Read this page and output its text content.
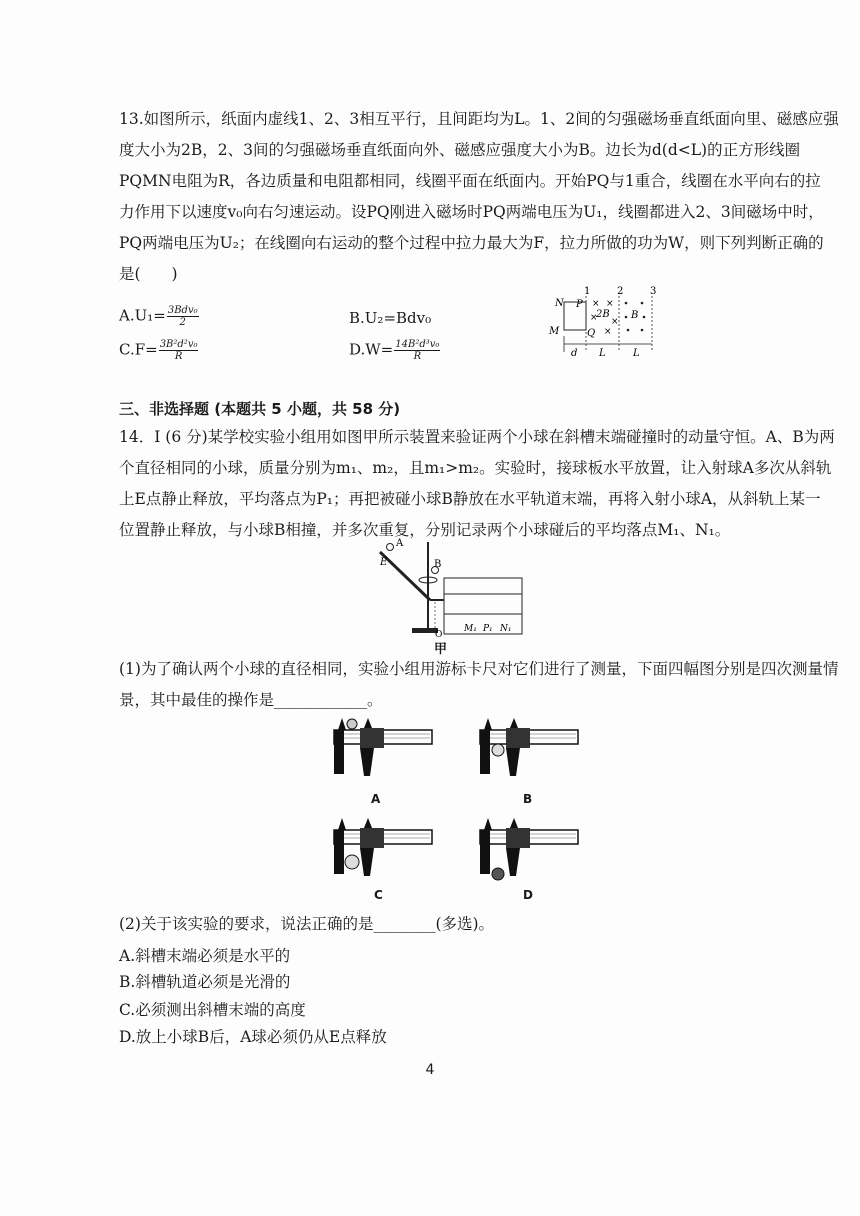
13.如图所示，纸面内虚线1、2、3相互平行，且间距均为L。1、2间的匀强磁场垂直纸面向里、磁感应强
度大小为2B，2、3间的匀强磁场垂直纸面向外、磁感应强度大小为B。边长为d(d<L)的正方形线圈
PQMN电阻为R，各边质量和电阻都相同，线圈平面在纸面内。开始PQ与1重合，线圈在水平向右的拉
力作用下以速度v₀向右匀速运动。设PQ刚进入磁场时PQ两端电压为U₁，线圈都进入2、3间磁场中时，
PQ两端电压为U₂；在线圈向右运动的整个过程中拉力最大为F，拉力所做的功为W，则下列判断正确的
是(　　)
$A.U_1= \frac{\text{3Bdv₀}}{2}$	B.U₂=Bdv₀
$C.F= \frac{\text{3B²d²v₀}}{R}$	$D.W= \frac{\text{14B²d³v₀}}{R}$
1	2	3
N P
M	Q
× ×
× ×
×
2B B
d L	L
三、非选择题 (本题共 5 小题，共 58 分)
14．Ⅰ (6 分)某学校实验小组用如图甲所示装置来验证两个小球在斜槽末端碰撞时的动量守恒。A、B为两
个直径相同的小球，质量分别为m₁、m₂，且m₁>m₂。实验时，接球板水平放置，让入射球A多次从斜轨
上E点静止释放，平均落点为P₁；再把被碰小球B静放在水平轨道末端，再将入射小球A，从斜轨上某一
位置静止释放，与小球B相撞，并多次重复，分别记录两个小球碰后的平均落点M₁、N₁。
A
E	B
O
M₁ P₁ N₁
甲
(1)为了确认两个小球的直径相同，实验小组用游标卡尺对它们进行了测量，下面四幅图分别是四次测量情
景，其中最佳的操作是____________。
A	B
C	D
(2)关于该实验的要求，说法正确的是________(多选)。
A.斜槽末端必须是水平的
B.斜槽轨道必须是光滑的
C.必须测出斜槽末端的高度
D.放上小球B后，A球必须仍从E点释放
4
